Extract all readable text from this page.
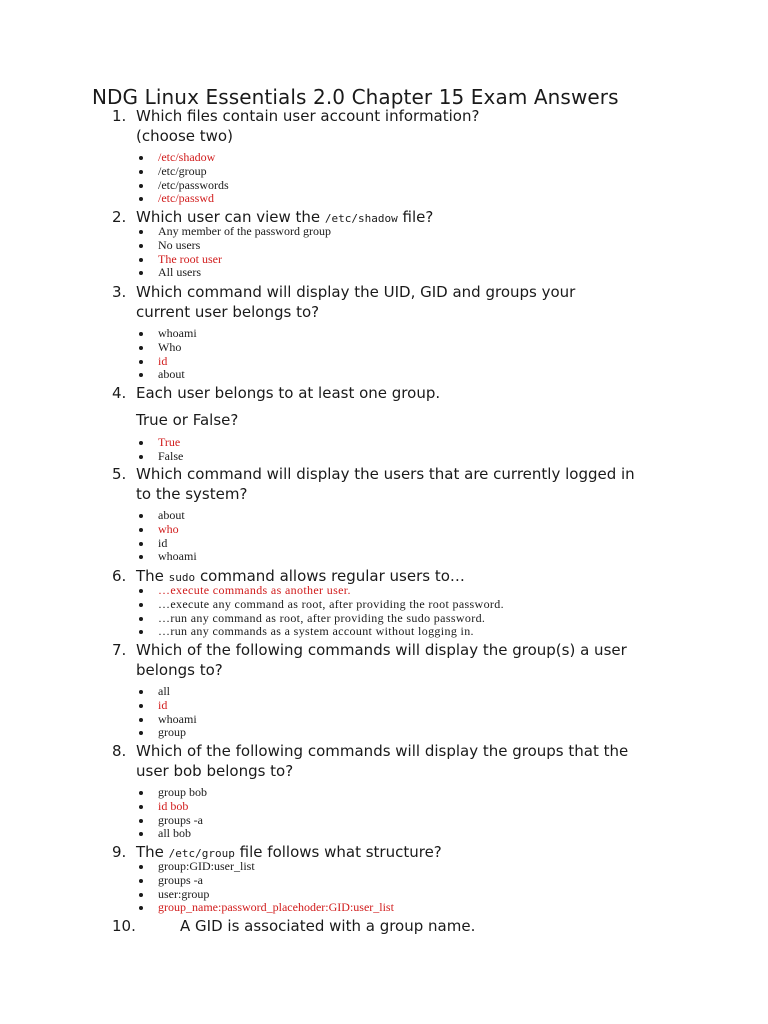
NDG Linux Essentials 2.0 Chapter 15 Exam Answers
1. Which files contain user account information?
(choose two)
/etc/shadow
/etc/group
/etc/passwords
/etc/passwd
2. Which user can view the /etc/shadow file?
Any member of the password group
No users
The root user
All users
3. Which command will display the UID, GID and groups your
current user belongs to?
whoami
Who
id
about
4. Each user belongs to at least one group.
True or False?
True
False
5. Which command will display the users that are currently logged in
to the system?
about
who
id
whoami
6. The sudo command allows regular users to…
…execute commands as another user.
…execute any command as root, after providing the root password.
…run any command as root, after providing the sudo password.
…run any commands as a system account without logging in.
7. Which of the following commands will display the group(s) a user
belongs to?
all
id
whoami
group
8. Which of the following commands will display the groups that the
user bob belongs to?
group bob
id bob
groups -a
all bob
9. The /etc/group file follows what structure?
group:GID:user_list
groups -a
user:group
group_name:password_placehoder:GID:user_list
10.	A GID is associated with a group name.
